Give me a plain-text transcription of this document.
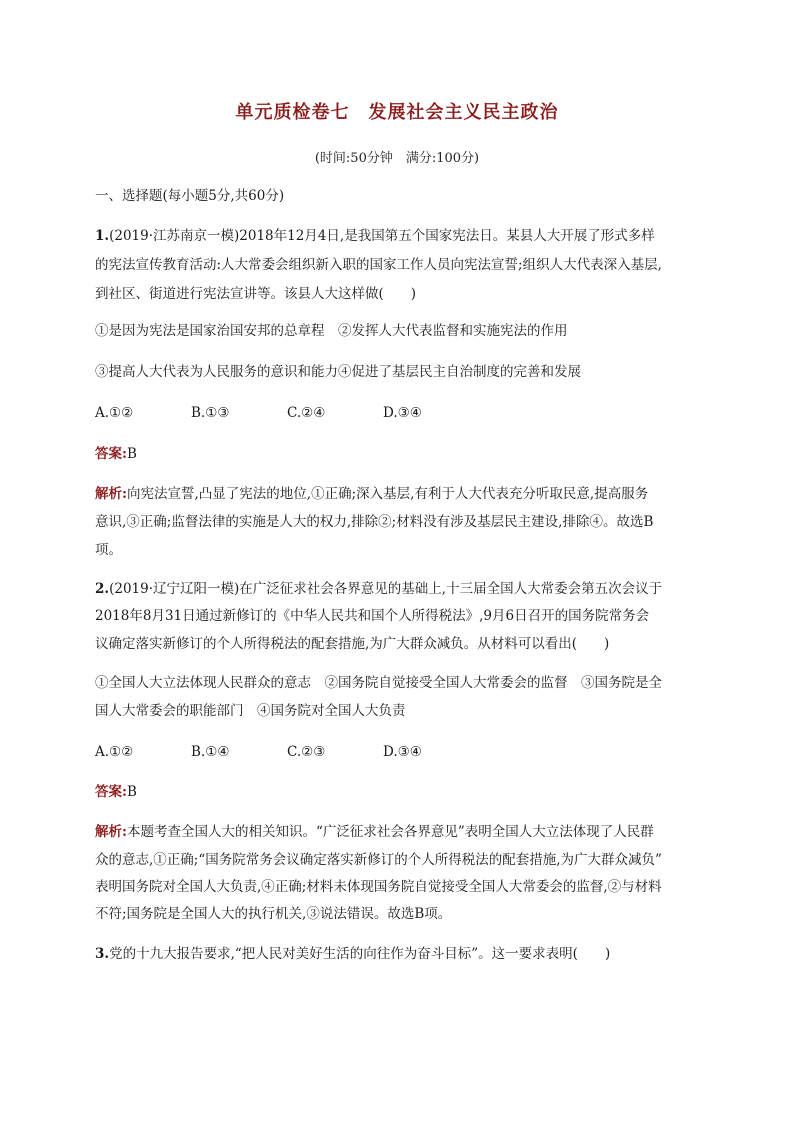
单元质检卷七　发展社会主义民主政治
(时间:50分钟　满分:100分)
一、选择题(每小题5分,共60分)
1.(2019·江苏南京一模)2018年12月4日,是我国第五个国家宪法日。某县人大开展了形式多样
的宪法宣传教育活动:人大常委会组织新入职的国家工作人员向宪法宣誓;组织人大代表深入基层,
到社区、街道进行宪法宣讲等。该县人大这样做(　　)
①是因为宪法是国家治国安邦的总章程　②发挥人大代表监督和实施宪法的作用
③提高人大代表为人民服务的意识和能力④促进了基层民主自治制度的完善和发展
A.①②	B.①③	C.②④	D.③④
答案:B
解析:向宪法宣誓,凸显了宪法的地位,①正确;深入基层,有利于人大代表充分听取民意,提高服务
意识,③正确;监督法律的实施是人大的权力,排除②;材料没有涉及基层民主建设,排除④。故选B
项。
2.(2019·辽宁辽阳一模)在广泛征求社会各界意见的基础上,十三届全国人大常委会第五次会议于
2018年8月31日通过新修订的《中华人民共和国个人所得税法》,9月6日召开的国务院常务会
议确定落实新修订的个人所得税法的配套措施,为广大群众减负。从材料可以看出(　　)
①全国人大立法体现人民群众的意志　②国务院自觉接受全国人大常委会的监督　③国务院是全
国人大常委会的职能部门　④国务院对全国人大负责
A.①②	B.①④	C.②③	D.③④
答案:B
解析:本题考查全国人大的相关知识。“广泛征求社会各界意见”表明全国人大立法体现了人民群
众的意志,①正确;“国务院常务会议确定落实新修订的个人所得税法的配套措施,为广大群众减负”
表明国务院对全国人大负责,④正确;材料未体现国务院自觉接受全国人大常委会的监督,②与材料
不符;国务院是全国人大的执行机关,③说法错误。故选B项。
3.党的十九大报告要求,“把人民对美好生活的向往作为奋斗目标”。这一要求表明(　　)
